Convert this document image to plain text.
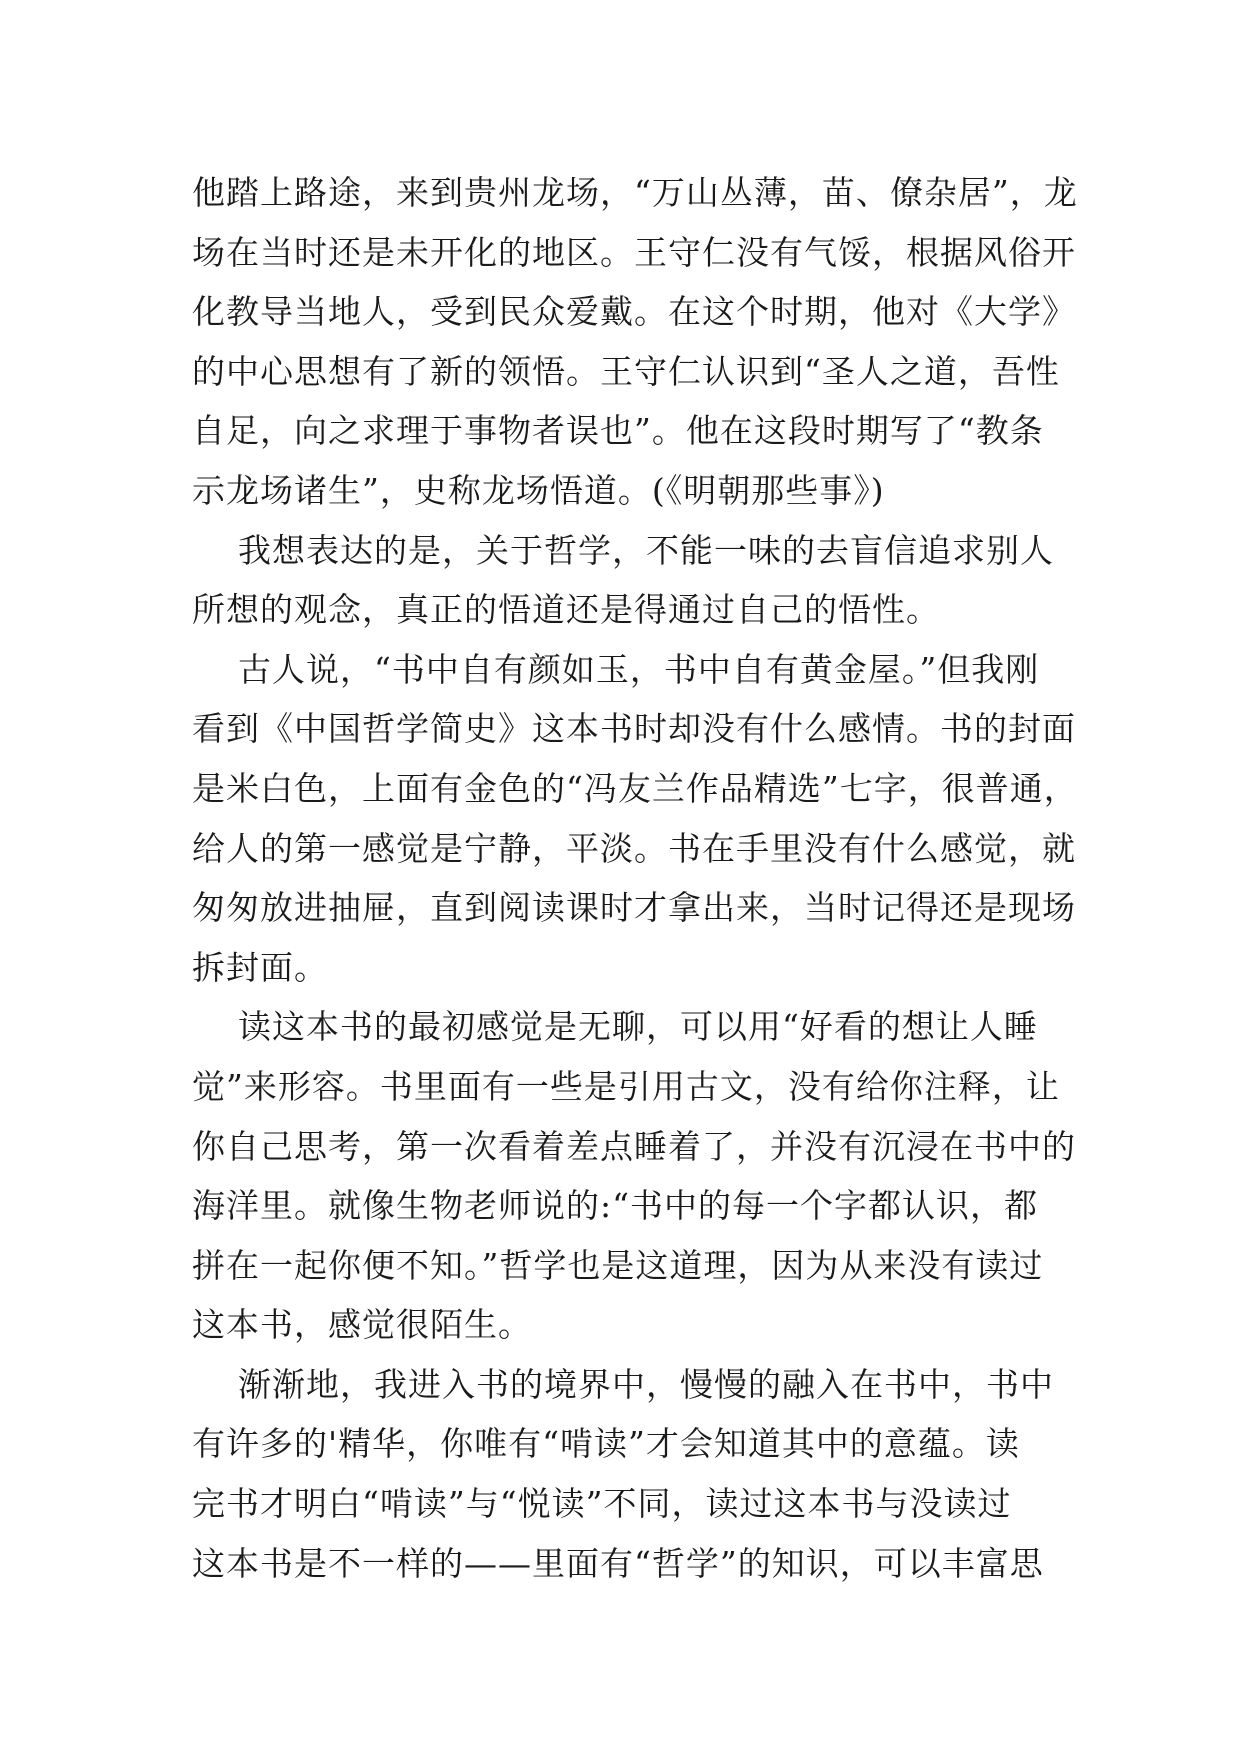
他踏上路途，来到贵州龙场，“万山丛薄，苗、僚杂居”，龙
场在当时还是未开化的地区。王守仁没有气馁，根据风俗开
化教导当地人，受到民众爱戴。在这个时期，他对《大学》
的中心思想有了新的领悟。王守仁认识到“圣人之道，吾性
自足，向之求理于事物者误也”。他在这段时期写了“教条
示龙场诸生”，史称龙场悟道。(《明朝那些事》)
我想表达的是，关于哲学，不能一味的去盲信追求别人
所想的观念，真正的悟道还是得通过自己的悟性。
古人说，“书中自有颜如玉，书中自有黄金屋。”但我刚
看到《中国哲学简史》这本书时却没有什么感情。书的封面
是米白色，上面有金色的“冯友兰作品精选”七字，很普通，
给人的第一感觉是宁静，平淡。书在手里没有什么感觉，就
匆匆放进抽屉，直到阅读课时才拿出来，当时记得还是现场
拆封面。
读这本书的最初感觉是无聊，可以用“好看的想让人睡
觉”来形容。书里面有一些是引用古文，没有给你注释，让
你自己思考，第一次看着差点睡着了，并没有沉浸在书中的
海洋里。就像生物老师说的:“书中的每一个字都认识，都
拼在一起你便不知。”哲学也是这道理，因为从来没有读过
这本书，感觉很陌生。
渐渐地，我进入书的境界中，慢慢的融入在书中，书中
有许多的'精华，你唯有“啃读”才会知道其中的意蕴。读
完书才明白“啃读”与“悦读”不同，读过这本书与没读过
这本书是不一样的——里面有“哲学”的知识，可以丰富思
